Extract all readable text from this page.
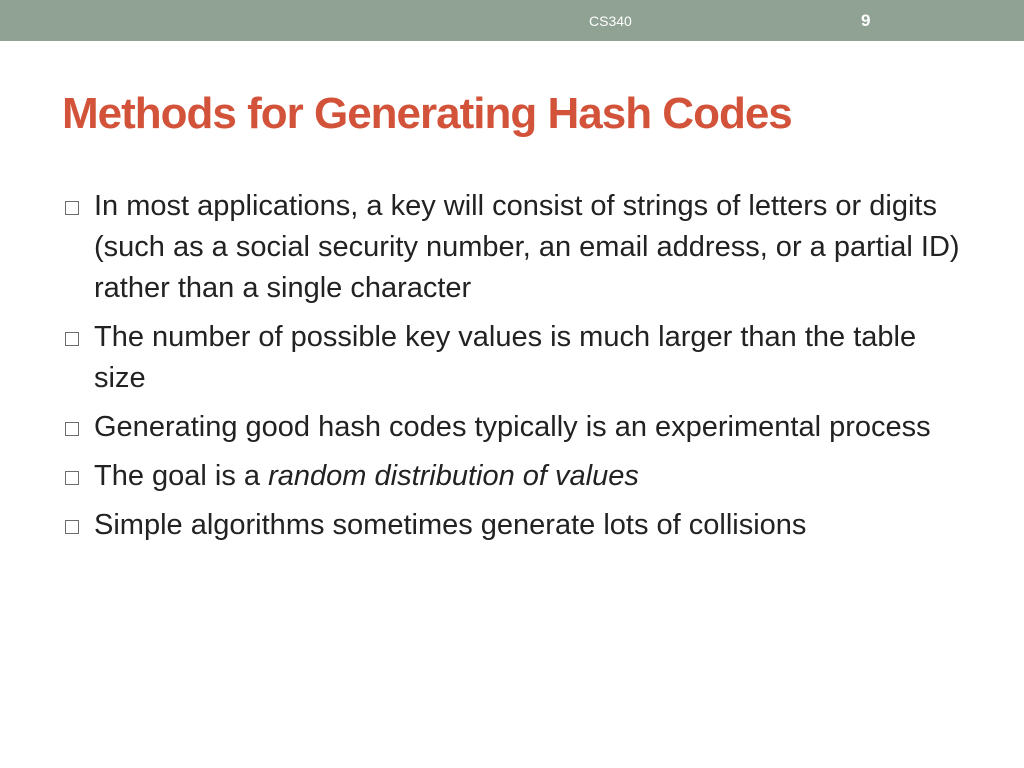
CS340	9
Methods for Generating Hash Codes
In most applications, a key will consist of strings of letters or digits (such as a social security number, an email address, or a partial ID) rather than a single character
The number of possible key values is much larger than the table size
Generating good hash codes typically is an experimental process
The goal is a random distribution of values
Simple algorithms sometimes generate lots of collisions
